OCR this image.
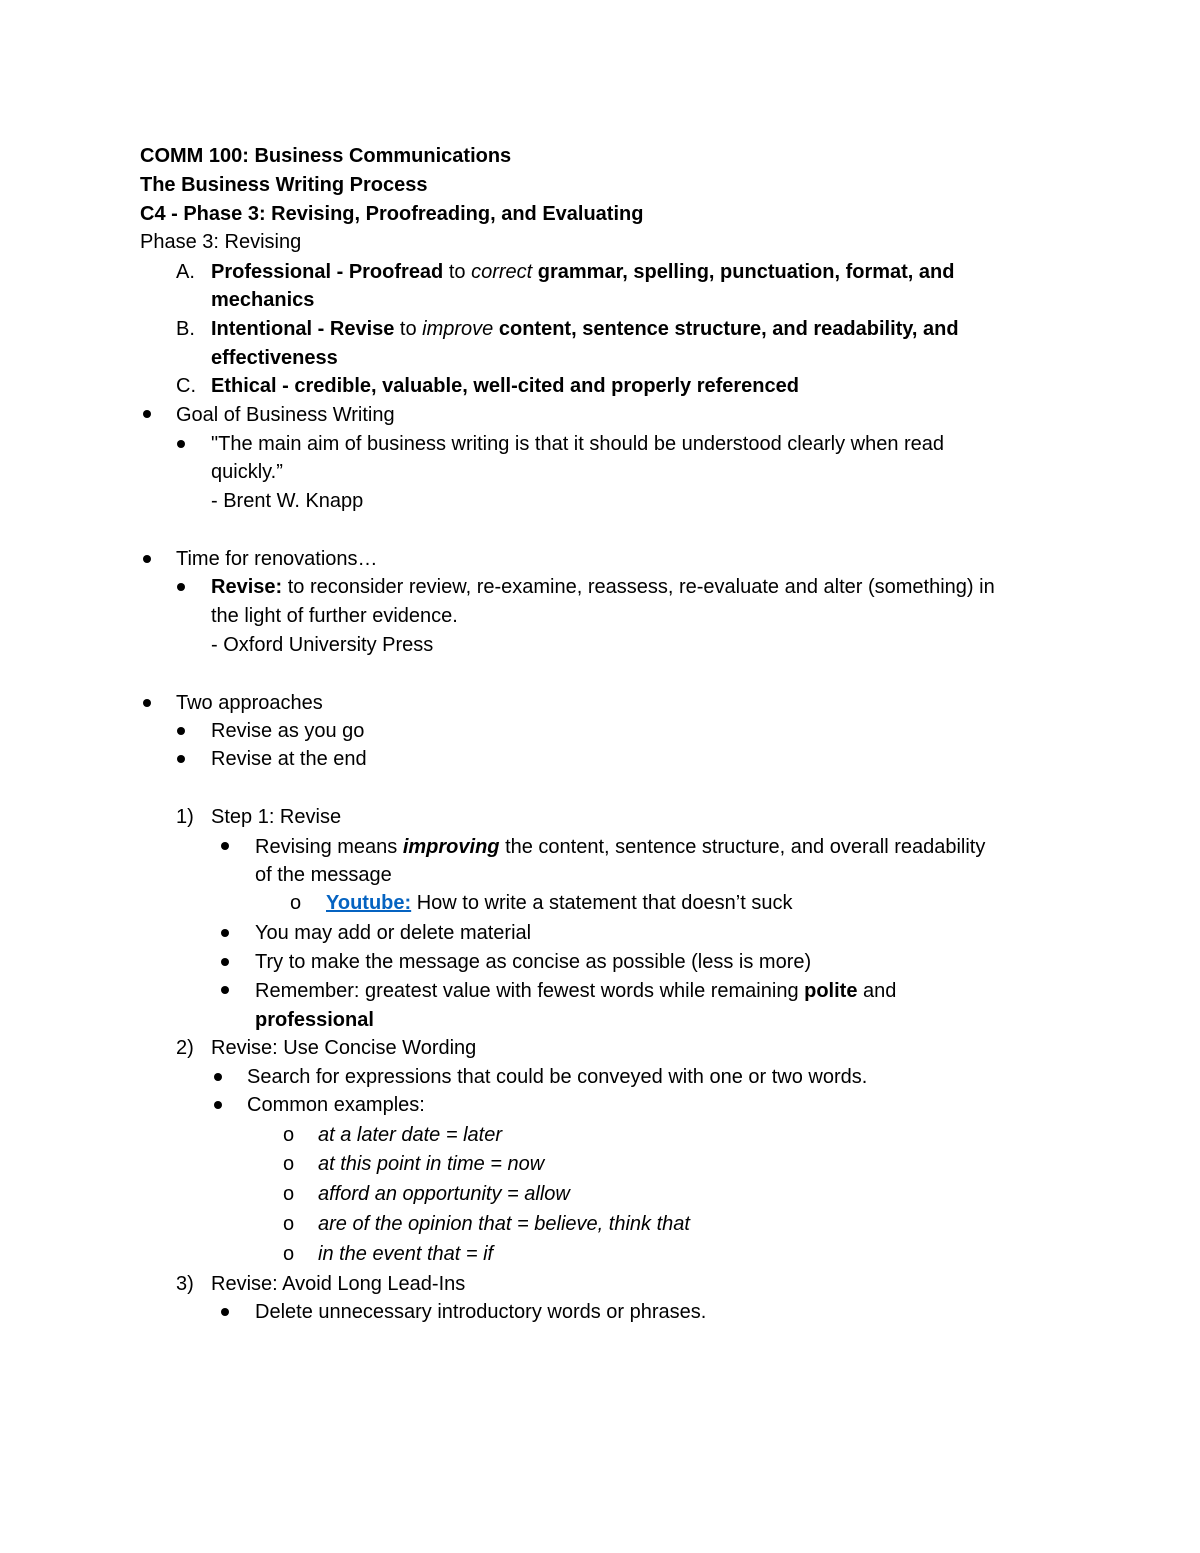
COMM 100: Business Communications
The Business Writing Process
C4 - Phase 3: Revising, Proofreading, and Evaluating
Phase 3: Revising
A. Professional - Proofread to correct grammar, spelling, punctuation, format, and
mechanics
B. Intentional - Revise to improve content, sentence structure, and readability, and
effectiveness
C. Ethical - credible, valuable, well-cited and properly referenced
Goal of Business Writing
"The main aim of business writing is that it should be understood clearly when read
quickly.”
- Brent W. Knapp
Time for renovations…
Revise: to reconsider review, re-examine, reassess, re-evaluate and alter (something) in
the light of further evidence.
- Oxford University Press
Two approaches
Revise as you go
Revise at the end
1) Step 1: Revise
Revising means improving the content, sentence structure, and overall readability
of the message
o Youtube: How to write a statement that doesn’t suck
You may add or delete material
Try to make the message as concise as possible (less is more)
Remember: greatest value with fewest words while remaining polite and
professional
2) Revise: Use Concise Wording
Search for expressions that could be conveyed with one or two words.
Common examples:
o at a later date = later
o at this point in time = now
o afford an opportunity = allow
o are of the opinion that = believe, think that
o in the event that = if
3) Revise: Avoid Long Lead-Ins
Delete unnecessary introductory words or phrases.
